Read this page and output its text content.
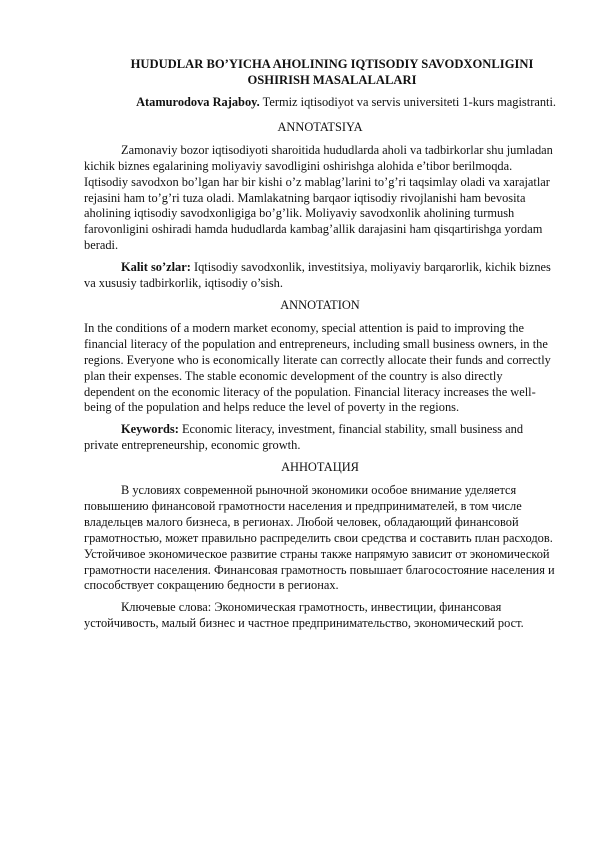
HUDUDLAR BO’YICHA AHOLINING IQTISODIY SAVODXONLIGINI
OSHIRISH MASALALALARI
Atamurodova Rajaboy. Termiz iqtisodiyot va servis universiteti 1-kurs magistranti.
ANNOTATSIYA

Zamonaviy bozor iqtisodiyoti sharoitida hududlarda aholi va tadbirkorlar shu jumladan kichik biznes egalarining moliyaviy savodligini oshirishga alohida e’tibor berilmoqda. Iqtisodiy savodxon bo’lgan har bir kishi o’z mablag’larini to’g’ri taqsimlay oladi va xarajatlar rejasini ham to’g’ri tuza oladi. Mamlakatning barqaor iqtisodiy rivojlanishi ham bevosita aholining iqtisodiy savodxonligiga bo’g’lik. Moliyaviy savodxonlik aholining turmush farovonligini oshiradi hamda hududlarda kambag’allik darajasini ham qisqartirishga yordam beradi.

Kalit so’zlar: Iqtisodiy savodxonlik, investitsiya, moliyaviy barqarorlik, kichik biznes va xususiy tadbirkorlik, iqtisodiy o’sish.

ANNOTATION

In the conditions of a modern market economy, special attention is paid to improving the financial literacy of the population and entrepreneurs, including small business owners, in the regions. Everyone who is economically literate can correctly allocate their funds and correctly plan their expenses. The stable economic development of the country is also directly dependent on the economic literacy of the population. Financial literacy increases the well-being of the population and helps reduce the level of poverty in the regions.

Keywords: Economic literacy, investment, financial stability, small business and private entrepreneurship, economic growth.

АННОТАЦИЯ

В условиях современной рыночной экономики особое внимание уделяется повышению финансовой грамотности населения и предпринимателей, в том числе владельцев малого бизнеса, в регионах. Любой человек, обладающий финансовой грамотностью, может правильно распределить свои средства и составить план расходов. Устойчивое экономическое развитие страны также напрямую зависит от экономической грамотности населения. Финансовая грамотность повышает благосостояние населения и способствует сокращению бедности в регионах.

Ключевые слова: Экономическая грамотность, инвестиции, финансовая устойчивость, малый бизнес и частное предпринимательство, экономический рост.
